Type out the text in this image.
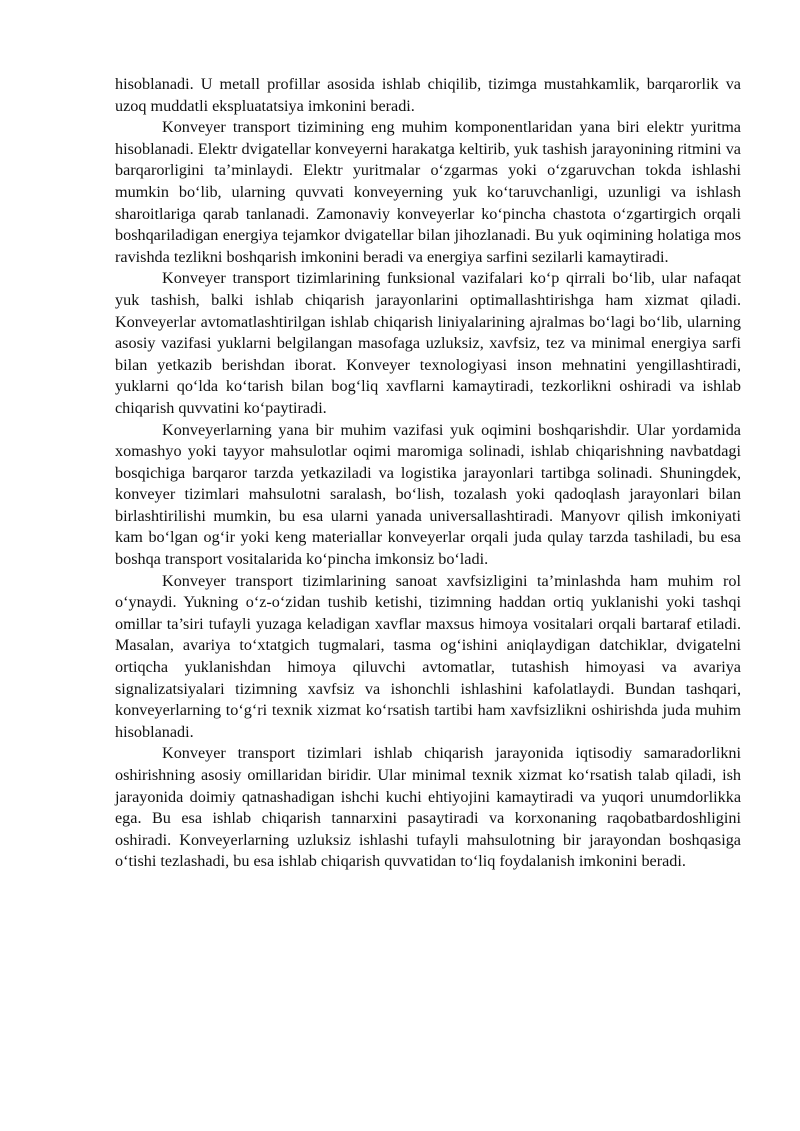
hisoblanadi. U metall profillar asosida ishlab chiqilib, tizimga mustahkamlik, barqarorlik va uzoq muddatli ekspluatatsiya imkonini beradi.

Konveyer transport tizimining eng muhim komponentlaridan yana biri elektr yuritma hisoblanadi. Elektr dvigatellar konveyerni harakatga keltirib, yuk tashish jarayonining ritmini va barqarorligini ta’minlaydi. Elektr yuritmalar o‘zgarmas yoki o‘zgaruvchan tokda ishlashi mumkin bo‘lib, ularning quvvati konveyerning yuk ko‘taruvchanligi, uzunligi va ishlash sharoitlariga qarab tanlanadi. Zamonaviy konveyerlar ko‘pincha chastota o‘zgartirgich orqali boshqariladigan energiya tejamkor dvigatellar bilan jihozlanadi. Bu yuk oqimining holatiga mos ravishda tezlikni boshqarish imkonini beradi va energiya sarfini sezilarli kamaytiradi.

Konveyer transport tizimlarining funksional vazifalari ko‘p qirrali bo‘lib, ular nafaqat yuk tashish, balki ishlab chiqarish jarayonlarini optimallashtirishga ham xizmat qiladi. Konveyerlar avtomatlashtirilgan ishlab chiqarish liniyalarining ajralmas bo‘lagi bo‘lib, ularning asosiy vazifasi yuklarni belgilangan masofaga uzluksiz, xavfsiz, tez va minimal energiya sarfi bilan yetkazib berishdan iborat. Konveyer texnologiyasi inson mehnatini yengillashtiradi, yuklarni qo‘lda ko‘tarish bilan bog‘liq xavflarni kamaytiradi, tezkorlikni oshiradi va ishlab chiqarish quvvatini ko‘paytiradi.

Konveyerlarning yana bir muhim vazifasi yuk oqimini boshqarishdir. Ular yordamida xomashyo yoki tayyor mahsulotlar oqimi maromiga solinadi, ishlab chiqarishning navbatdagi bosqichiga barqaror tarzda yetkaziladi va logistika jarayonlari tartibga solinadi. Shuningdek, konveyer tizimlari mahsulotni saralash, bo‘lish, tozalash yoki qadoqlash jarayonlari bilan birlashtirilishi mumkin, bu esa ularni yanada universallashtiradi. Manyovr qilish imkoniyati kam bo‘lgan og‘ir yoki keng materiallar konveyerlar orqali juda qulay tarzda tashiladi, bu esa boshqa transport vositalarida ko‘pincha imkonsiz bo‘ladi.

Konveyer transport tizimlarining sanoat xavfsizligini ta’minlashda ham muhim rol o‘ynaydi. Yukning o‘z-o‘zidan tushib ketishi, tizimning haddan ortiq yuklanishi yoki tashqi omillar ta’siri tufayli yuzaga keladigan xavflar maxsus himoya vositalari orqali bartaraf etiladi. Masalan, avariya to‘xtatgich tugmalari, tasma og‘ishini aniqlaydigan datchiklar, dvigatelni ortiqcha yuklanishdan himoya qiluvchi avtomatlar, tutashish himoyasi va avariya signalizatsiyalari tizimning xavfsiz va ishonchli ishlashini kafolatlaydi. Bundan tashqari, konveyerlarning to‘g‘ri texnik xizmat ko‘rsatish tartibi ham xavfsizlikni oshirishda juda muhim hisoblanadi.

Konveyer transport tizimlari ishlab chiqarish jarayonida iqtisodiy samaradorlikni oshirishning asosiy omillaridan biridir. Ular minimal texnik xizmat ko‘rsatish talab qiladi, ish jarayonida doimiy qatnashadigan ishchi kuchi ehtiyojini kamaytiradi va yuqori unumdorlikka ega. Bu esa ishlab chiqarish tannarxini pasaytiradi va korxonaning raqobatbardoshligini oshiradi. Konveyerlarning uzluksiz ishlashi tufayli mahsulotning bir jarayondan boshqasiga o‘tishi tezlashadi, bu esa ishlab chiqarish quvvatidan to‘liq foydalanish imkonini beradi.
